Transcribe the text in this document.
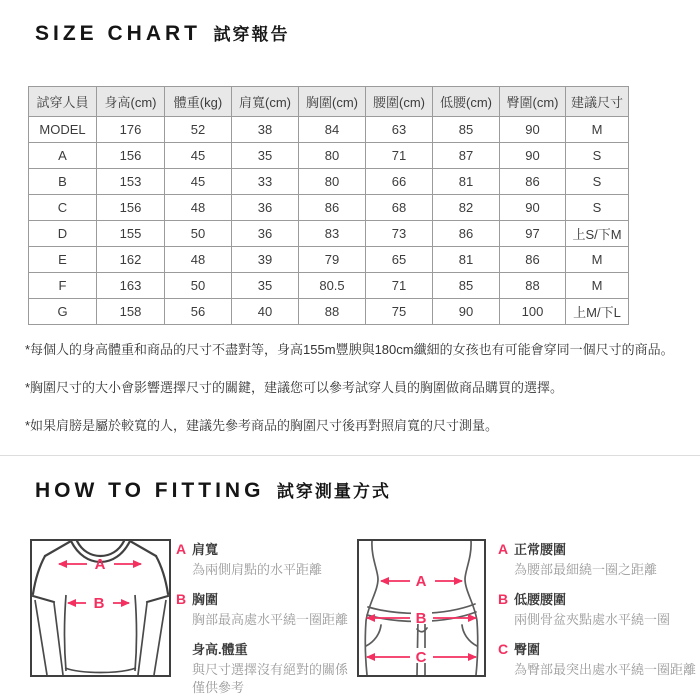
SIZE CHART 試穿報告
試穿人員	身高(cm)	體重(kg)	肩寬(cm)	胸圍(cm)	腰圍(cm)	低腰(cm)	臀圍(cm)	建議尺寸
MODEL	176	52	38	84	63	85	90	M
A	156	45	35	80	71	87	90	S
B	153	45	33	80	66	81	86	S
C	156	48	36	86	68	82	90	S
D	155	50	36	83	73	86	97	上S/下M
E	162	48	39	79	65	81	86	M
F	163	50	35	80.5	71	85	88	M
G	158	56	40	88	75	90	100	上M/下L

*每個人的身高體重和商品的尺寸不盡對等，身高155m豐腴與180cm纖細的女孩也有可能會穿同一個尺寸的商品。

*胸圍尺寸的大小會影響選擇尺寸的關鍵，建議您可以參考試穿人員的胸圍做商品購買的選擇。

*如果肩膀是屬於較寬的人，建議先參考商品的胸圍尺寸後再對照肩寬的尺寸測量。

HOW TO FITTING 試穿測量方式
A
B
A 肩寬
為兩側肩點的水平距離
B 胸圍
胸部最高處水平繞一圈距離
身高.體重
與尺寸選擇沒有絕對的關係
僅供參考
A
B
C
A 正常腰圍
為腰部最細繞一圈之距離
B 低腰腰圍
兩側骨盆夾點處水平繞一圈
C 臀圍
為臀部最突出處水平繞一圈距離
